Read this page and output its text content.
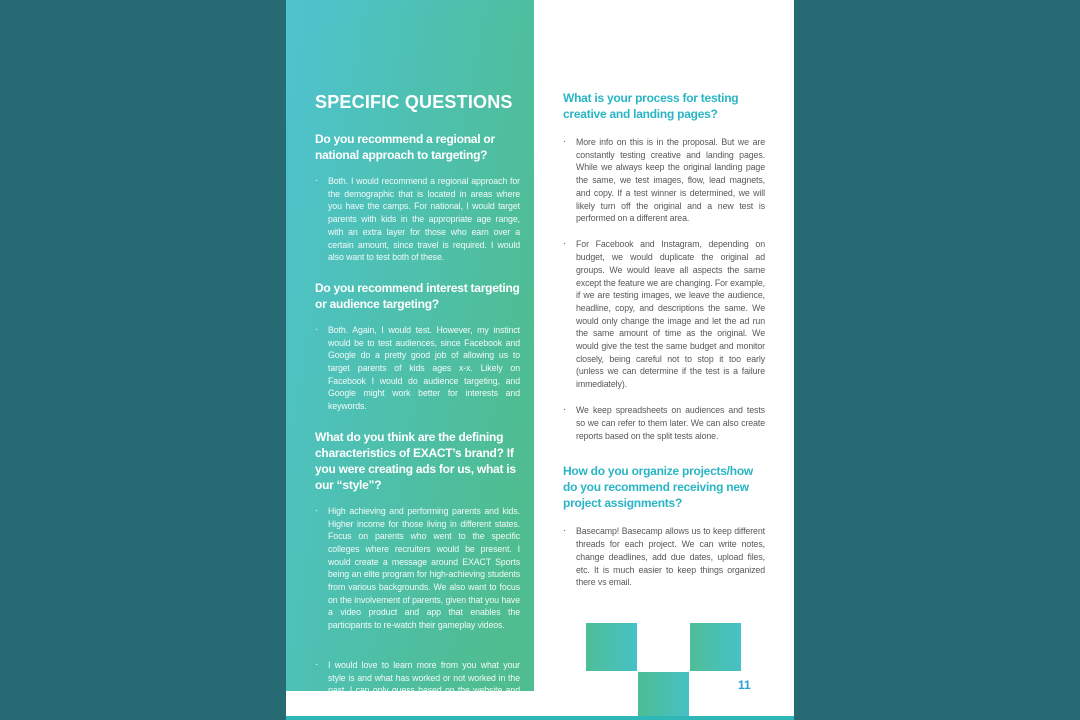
SPECIFIC QUESTIONS
Do you recommend a regional or national approach to targeting?
·	Both. I would recommend a regional approach for the demographic that is located in areas where you have the camps. For national, I would target parents with kids in the appropriate age range, with an extra layer for those who earn over a certain amount, since travel is required. I would also want to test both of these.

Do you recommend interest targeting or audience targeting?
·	Both. Again, I would test. However, my instinct would be to test audiences, since Facebook and Google do a pretty good job of allowing us to target parents of kids ages x-x. Likely on Facebook I would do audience targeting, and Google might work better for interests and keywords.

What do you think are the defining characteristics of EXACT’s brand? If you were creating ads for us, what is our “style”?
·	High achieving and performing parents and kids. Higher income for those living in different states. Focus on parents who went to the specific colleges where recruiters would be present. I would create a message around EXACT Sports being an elite program for high-achieving students from various backgrounds. We also want to focus on the involvement of parents, given that you have a video product and app that enables the participants to re-watch their gameplay videos.

·	I would love to learn more from you what your style is and what has worked or not worked in the past. I can only guess based on the website and small social media presence.

What is your process for testing creative and landing pages?
·	More info on this is in the proposal. But we are constantly testing creative and landing pages. While we always keep the original landing page the same, we test images, flow, lead magnets, and copy. If a test winner is determined, we will likely turn off the original and a new test is performed on a different area.

·	For Facebook and Instagram, depending on budget, we would duplicate the original ad groups. We would leave all aspects the same except the feature we are changing. For example, if we are testing images, we leave the audience, headline, copy, and descriptions the same. We would only change the image and let the ad run the same amount of time as the original. We would give the test the same budget and monitor closely, being careful not to stop it too early (unless we can determine if the test is a failure immediately).

·	We keep spreadsheets on audiences and tests so we can refer to them later. We can also create reports based on the split tests alone.

How do you organize projects/how do you recommend receiving new project assignments?
·	Basecamp! Basecamp allows us to keep different threads for each project. We can write notes, change deadlines, add due dates, upload files, etc. It is much easier to keep things organized there vs email.

11
